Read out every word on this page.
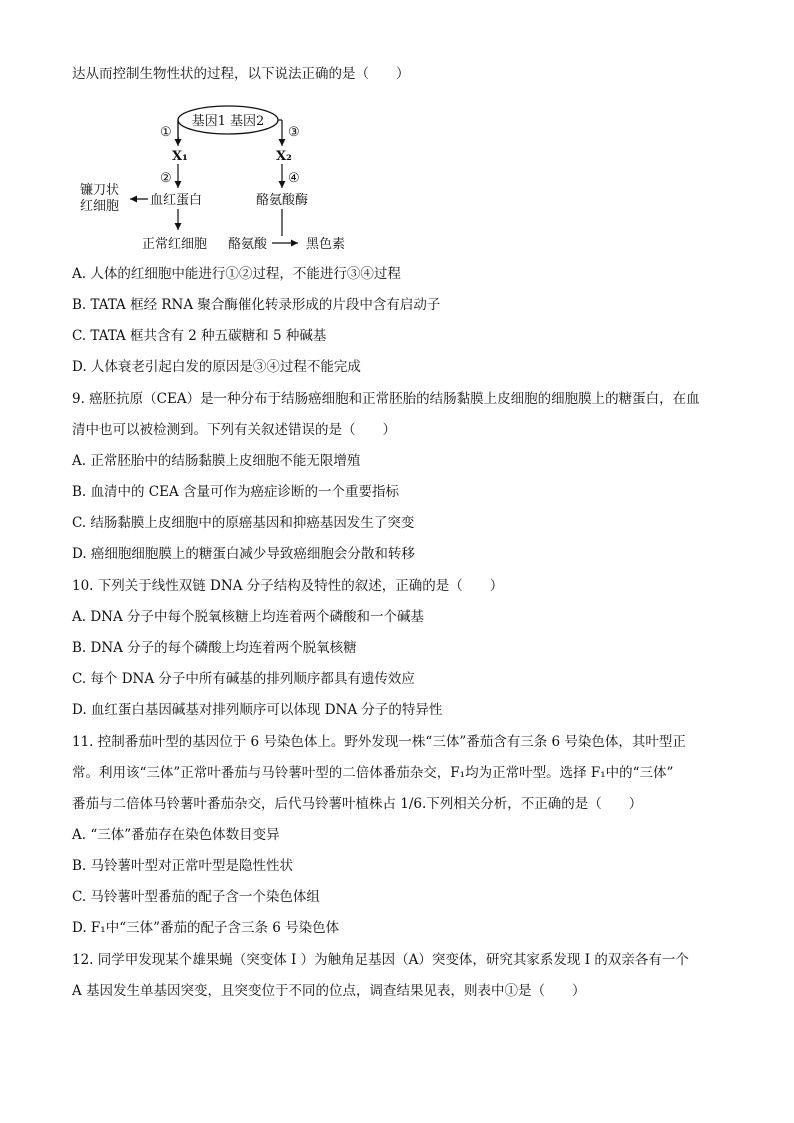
达从而控制生物性状的过程，以下说法正确的是（　　）
基因1 基因2
①
X₁
②
血红蛋白
镰刀状
红细胞
正常红细胞
③
X₂
④
酪氨酸酶
酪氨酸	黑色素
A. 人体的红细胞中能进行①②过程，不能进行③④过程
B. TATA 框经 RNA 聚合酶催化转录形成的片段中含有启动子
C. TATA 框共含有 2 种五碳糖和 5 种碱基
D. 人体衰老引起白发的原因是③④过程不能完成
9. 癌胚抗原（CEA）是一种分布于结肠癌细胞和正常胚胎的结肠黏膜上皮细胞的细胞膜上的糖蛋白，在血
清中也可以被检测到。下列有关叙述错误的是（　　）
A. 正常胚胎中的结肠黏膜上皮细胞不能无限增殖
B. 血清中的 CEA 含量可作为癌症诊断的一个重要指标
C. 结肠黏膜上皮细胞中的原癌基因和抑癌基因发生了突变
D. 癌细胞细胞膜上的糖蛋白减少导致癌细胞会分散和转移
10. 下列关于线性双链 DNA 分子结构及特性的叙述，正确的是（　　）
A. DNA 分子中每个脱氧核糖上均连着两个磷酸和一个碱基
B. DNA 分子的每个磷酸上均连着两个脱氧核糖
C. 每个 DNA 分子中所有碱基的排列顺序都具有遗传效应
D. 血红蛋白基因碱基对排列顺序可以体现 DNA 分子的特异性
11. 控制番茄叶型的基因位于 6 号染色体上。野外发现一株“三体”番茄含有三条 6 号染色体，其叶型正
常。利用该“三体”正常叶番茄与马铃薯叶型的二倍体番茄杂交，F₁均为正常叶型。选择 F₁中的“三体”
番茄与二倍体马铃薯叶番茄杂交，后代马铃薯叶植株占 1/6.下列相关分析，不正确的是（　　）
A. “三体”番茄存在染色体数目变异
B. 马铃薯叶型对正常叶型是隐性性状
C. 马铃薯叶型番茄的配子含一个染色体组
D. F₁中“三体”番茄的配子含三条 6 号染色体
12. 同学甲发现某个雄果蝇（突变体 I ）为触角足基因（A）突变体，研究其家系发现 I 的双亲各有一个
A 基因发生单基因突变，且突变位于不同的位点，调查结果见表，则表中①是（　　）
